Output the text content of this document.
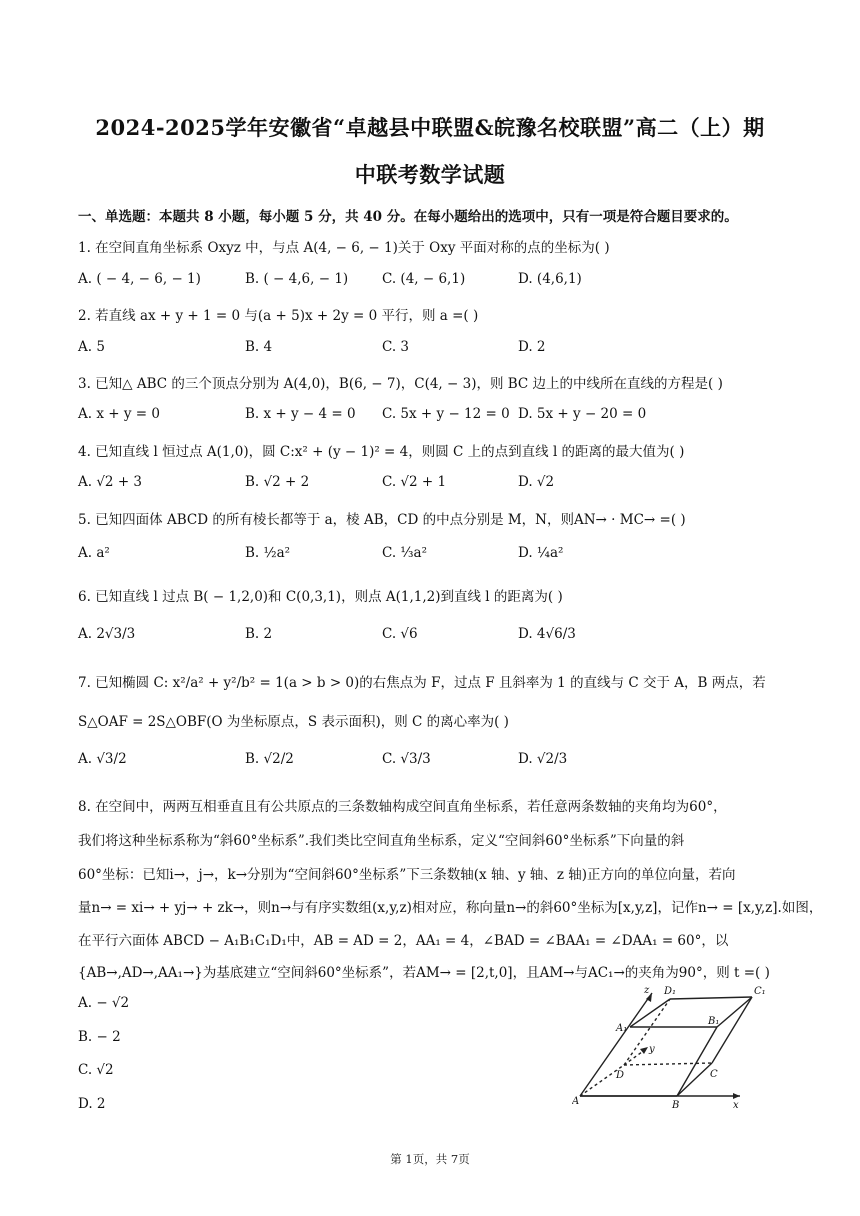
2024-2025学年安徽省“卓越县中联盟&皖豫名校联盟”高二（上）期
中联考数学试题
一、单选题：本题共 8 小题，每小题 5 分，共 40 分。在每小题给出的选项中，只有一项是符合题目要求的。
1. 在空间直角坐标系 Oxyz 中，与点 A(4, − 6, − 1)关于 Oxy 平面对称的点的坐标为( )
A. ( − 4, − 6, − 1)	B. ( − 4,6, − 1)	C. (4, − 6,1)	D. (4,6,1)
2. 若直线 ax + y + 1 = 0 与(a + 5)x + 2y = 0 平行，则 a =( )
A. 5	B. 4	C. 3	D. 2
3. 已知△ ABC 的三个顶点分别为 A(4,0)，B(6, − 7)，C(4, − 3)，则 BC 边上的中线所在直线的方程是( )
A. x + y = 0	B. x + y − 4 = 0 C. 5x + y − 12 = 0 D. 5x + y − 20 = 0
4. 已知直线 l 恒过点 A(1,0)，圆 C:x² + (y − 1)² = 4，则圆 C 上的点到直线 l 的距离的最大值为( )
A. √2 + 3	B. √2 + 2	C. √2 + 1	D. √2
5. 已知四面体 ABCD 的所有棱长都等于 a，棱 AB，CD 的中点分别是 M，N，则AN→ · MC→ =( )
A. a²	B. ½a²	C. ⅓a²	D. ¼a²
6. 已知直线 l 过点 B( − 1,2,0)和 C(0,3,1)，则点 A(1,1,2)到直线 l 的距离为( )
A. 2√3/3	B. 2	C. √6	D. 4√6/3
7. 已知椭圆 C: x²/a² + y²/b² = 1(a > b > 0)的右焦点为 F，过点 F 且斜率为 1 的直线与 C 交于 A，B 两点，若
S△OAF = 2S△OBF(O 为坐标原点，S 表示面积)，则 C 的离心率为( )
A. √3/2	B. √2/2	C. √3/3	D. √2/3
8. 在空间中，两两互相垂直且有公共原点的三条数轴构成空间直角坐标系，若任意两条数轴的夹角均为60°，
我们将这种坐标系称为“斜60°坐标系”.我们类比空间直角坐标系，定义“空间斜60°坐标系”下向量的斜
60°坐标：已知i→，j→，k→分别为“空间斜60°坐标系”下三条数轴(x 轴、y 轴、z 轴)正方向的单位向量，若向
量n→ = xi→ + yj→ + zk→，则n→与有序实数组(x,y,z)相对应，称向量n→的斜60°坐标为[x,y,z]，记作n→ = [x,y,z].如图，
在平行六面体 ABCD − A₁B₁C₁D₁中，AB = AD = 2，AA₁ = 4，∠BAD = ∠BAA₁ = ∠DAA₁ = 60°，以
{AB→,AD→,AA₁→}为基底建立“空间斜60°坐标系”，若AM→ = [2,t,0]，且AM→与AC₁→的夹角为90°，则 t =( )
A. − √2
B. − 2
C. √2
D. 2
z D₁	C₁
A₁
B₁
y
D	C
A	B	x
第 1页，共 7页
